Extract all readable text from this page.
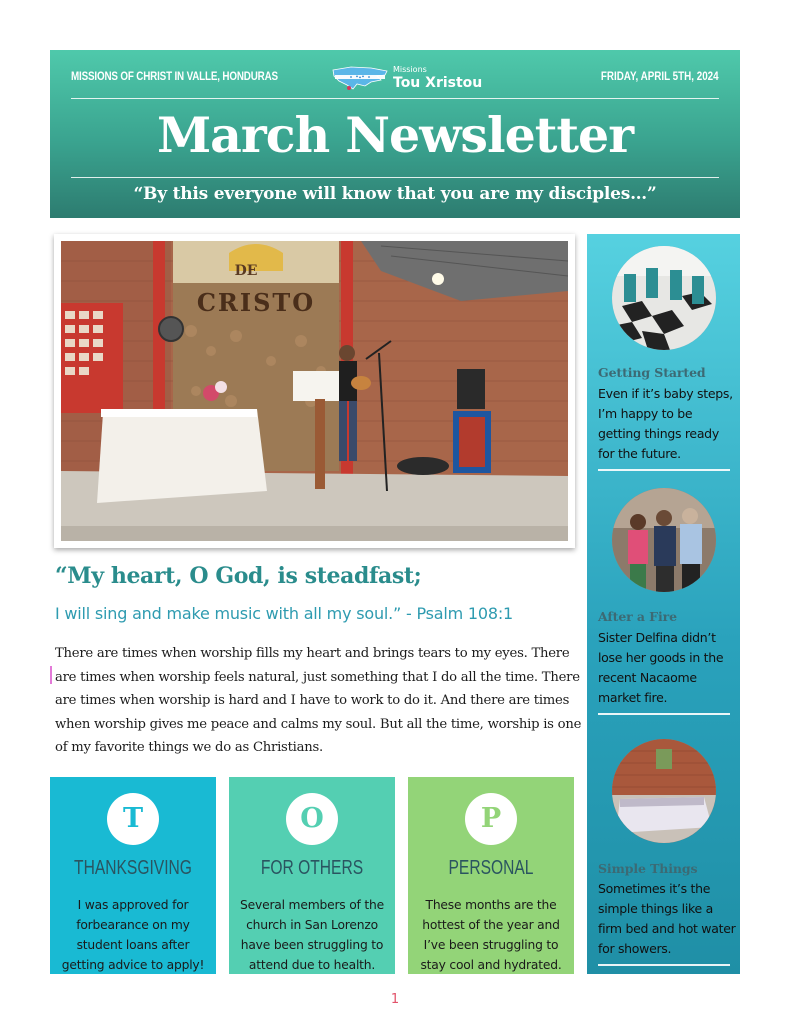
MISSIONS OF CHRIST IN VALLE, HONDURAS	Missions
Tou Xristou	FRIDAY, APRIL 5TH, 2024
March Newsletter
“By this everyone will know that you are my disciples…”
DE
CRISTO
“My heart, O God, is steadfast;
I will sing and make music with all my soul.” - Psalm 108:1
There are times when worship fills my heart and brings tears to my eyes. There are times when worship feels natural, just something that I do all the time. There are times when worship is hard and I have to work to do it. And there are times when worship gives me peace and calms my soul. But all the time, worship is one of my favorite things we do as Christians.
T
THANKSGIVING
I was approved for forbearance on my student loans after getting advice to apply!
O
FOR OTHERS
Several members of the church in San Lorenzo have been struggling to attend due to health.
P
PERSONAL
These months are the hottest of the year and I’ve been struggling to stay cool and hydrated.
Getting Started
Even if it’s baby steps, I’m happy to be getting things ready for the future.
After a Fire
Sister Delfina didn’t lose her goods in the recent Nacaome market fire.
Simple Things
Sometimes it’s the simple things like a firm bed and hot water for showers.
1
